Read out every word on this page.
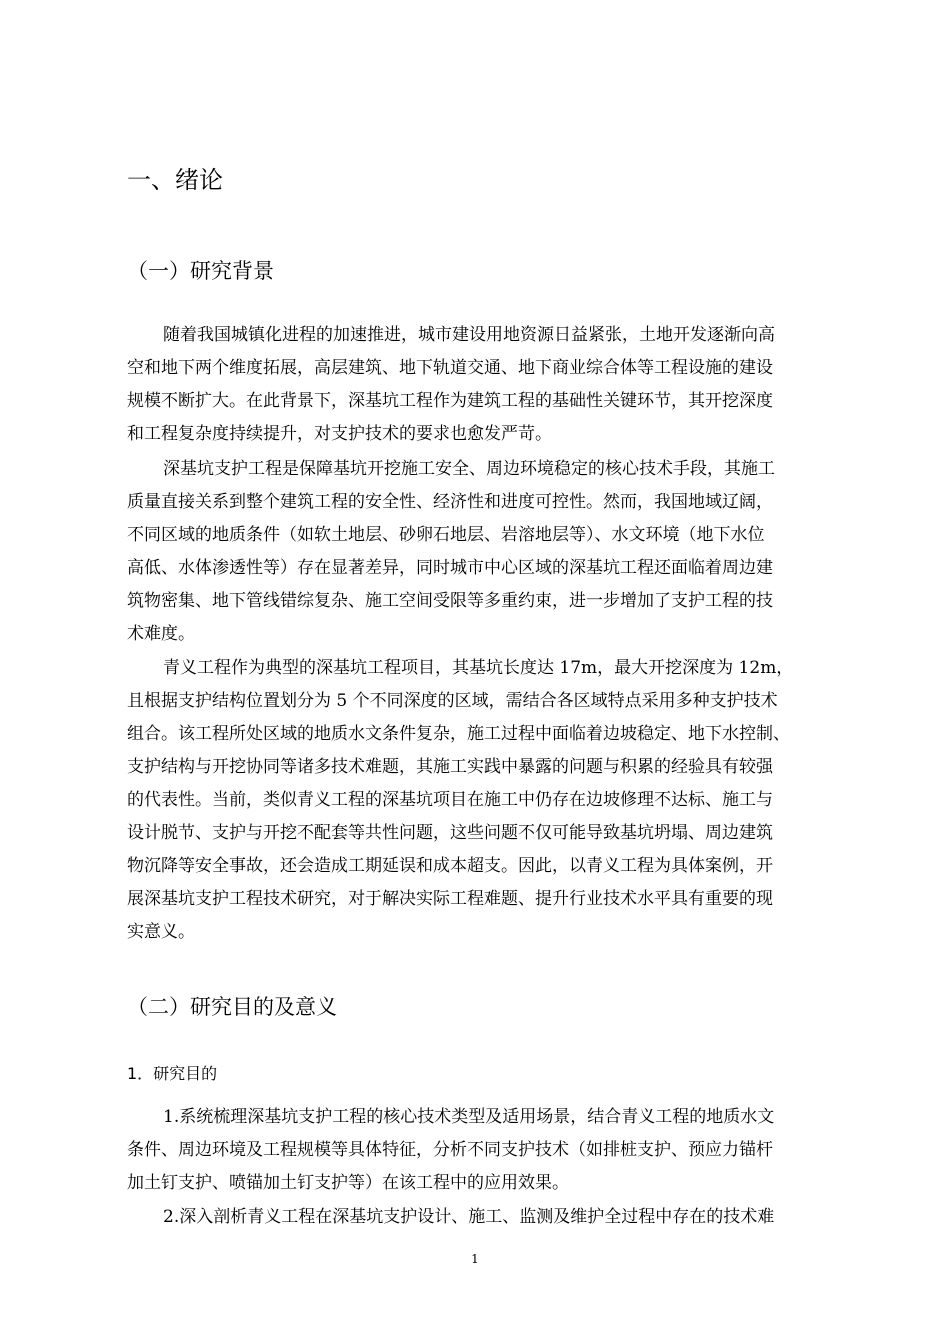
一、绪论
（一）研究背景
随着我国城镇化进程的加速推进，城市建设用地资源日益紧张，土地开发逐渐向高
空和地下两个维度拓展，高层建筑、地下轨道交通、地下商业综合体等工程设施的建设
规模不断扩大。在此背景下，深基坑工程作为建筑工程的基础性关键环节，其开挖深度
和工程复杂度持续提升，对支护技术的要求也愈发严苛。
深基坑支护工程是保障基坑开挖施工安全、周边环境稳定的核心技术手段，其施工
质量直接关系到整个建筑工程的安全性、经济性和进度可控性。然而，我国地域辽阔，
不同区域的地质条件（如软土地层、砂卵石地层、岩溶地层等）、水文环境（地下水位
高低、水体渗透性等）存在显著差异，同时城市中心区域的深基坑工程还面临着周边建
筑物密集、地下管线错综复杂、施工空间受限等多重约束，进一步增加了支护工程的技
术难度。
青义工程作为典型的深基坑工程项目，其基坑长度达 17m，最大开挖深度为 12m，
且根据支护结构位置划分为 5 个不同深度的区域，需结合各区域特点采用多种支护技术
组合。该工程所处区域的地质水文条件复杂，施工过程中面临着边坡稳定、地下水控制、
支护结构与开挖协同等诸多技术难题，其施工实践中暴露的问题与积累的经验具有较强
的代表性。当前，类似青义工程的深基坑项目在施工中仍存在边坡修理不达标、施工与
设计脱节、支护与开挖不配套等共性问题，这些问题不仅可能导致基坑坍塌、周边建筑
物沉降等安全事故，还会造成工期延误和成本超支。因此，以青义工程为具体案例，开
展深基坑支护工程技术研究，对于解决实际工程难题、提升行业技术水平具有重要的现
实意义。
（二）研究目的及意义
1．研究目的
1.系统梳理深基坑支护工程的核心技术类型及适用场景，结合青义工程的地质水文
条件、周边环境及工程规模等具体特征，分析不同支护技术（如排桩支护、预应力锚杆
加土钉支护、喷锚加土钉支护等）在该工程中的应用效果。
2.深入剖析青义工程在深基坑支护设计、施工、监测及维护全过程中存在的技术难
1
